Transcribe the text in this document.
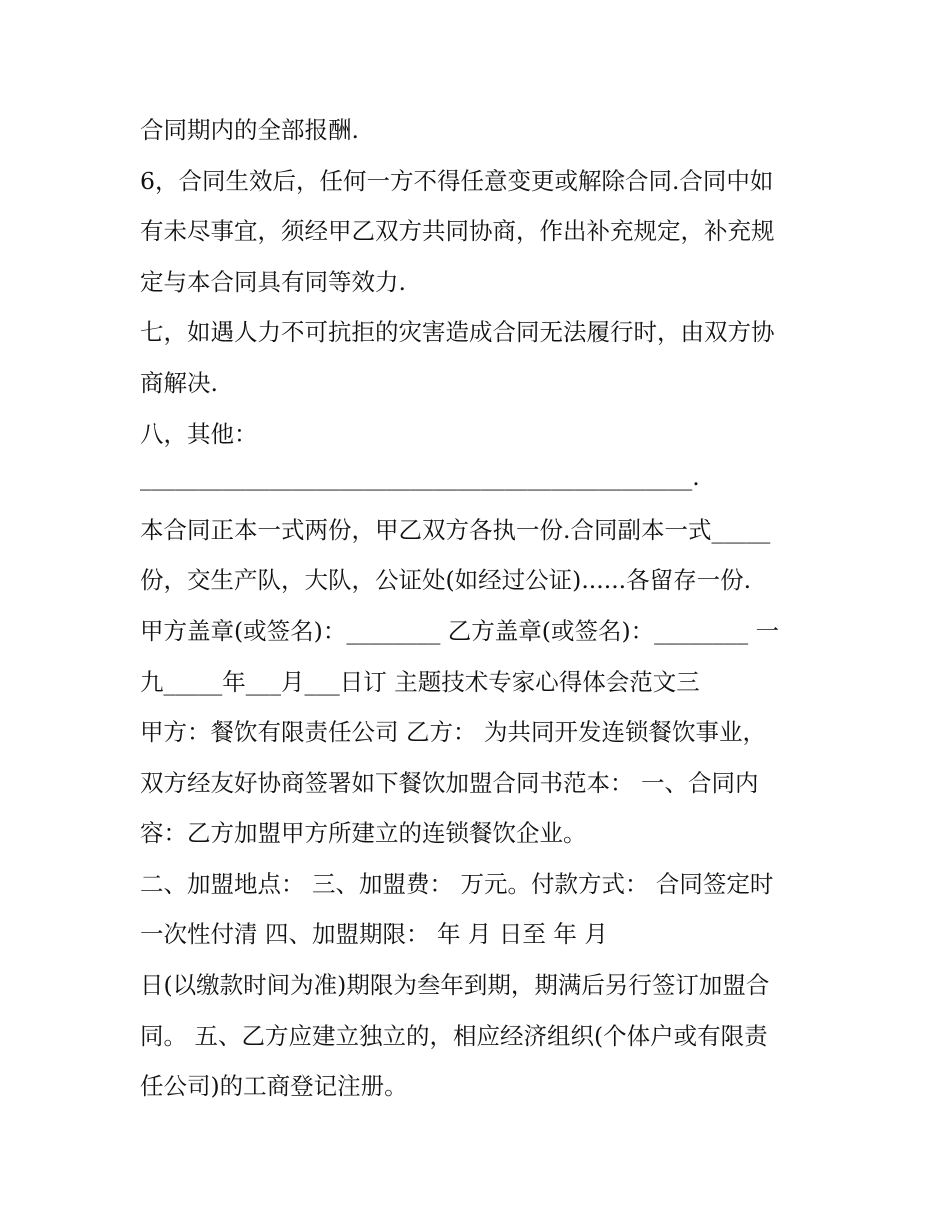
合同期内的全部报酬.
6，合同生效后，任何一方不得任意变更或解除合同.合同中如
有未尽事宜，须经甲乙双方共同协商，作出补充规定，补充规
定与本合同具有同等效力.
七，如遇人力不可抗拒的灾害造成合同无法履行时，由双方协
商解决.
八，其他：
_______________________________________________.
本合同正本一式两份，甲乙双方各执一份.合同副本一式_____
份，交生产队，大队，公证处(如经过公证)......各留存一份.
甲方盖章(或签名)：________ 乙方盖章(或签名)：________ 一
九_____年___月___日订 主题技术专家心得体会范文三
甲方：餐饮有限责任公司 乙方： 为共同开发连锁餐饮事业，
双方经友好协商签署如下餐饮加盟合同书范本： 一、合同内
容：乙方加盟甲方所建立的连锁餐饮企业。
二、加盟地点： 三、加盟费： 万元。付款方式： 合同签定时
一次性付清 四、加盟期限： 年 月 日至 年 月
日(以缴款时间为准)期限为叁年到期，期满后另行签订加盟合
同。 五、乙方应建立独立的，相应经济组织(个体户或有限责
任公司)的工商登记注册。
